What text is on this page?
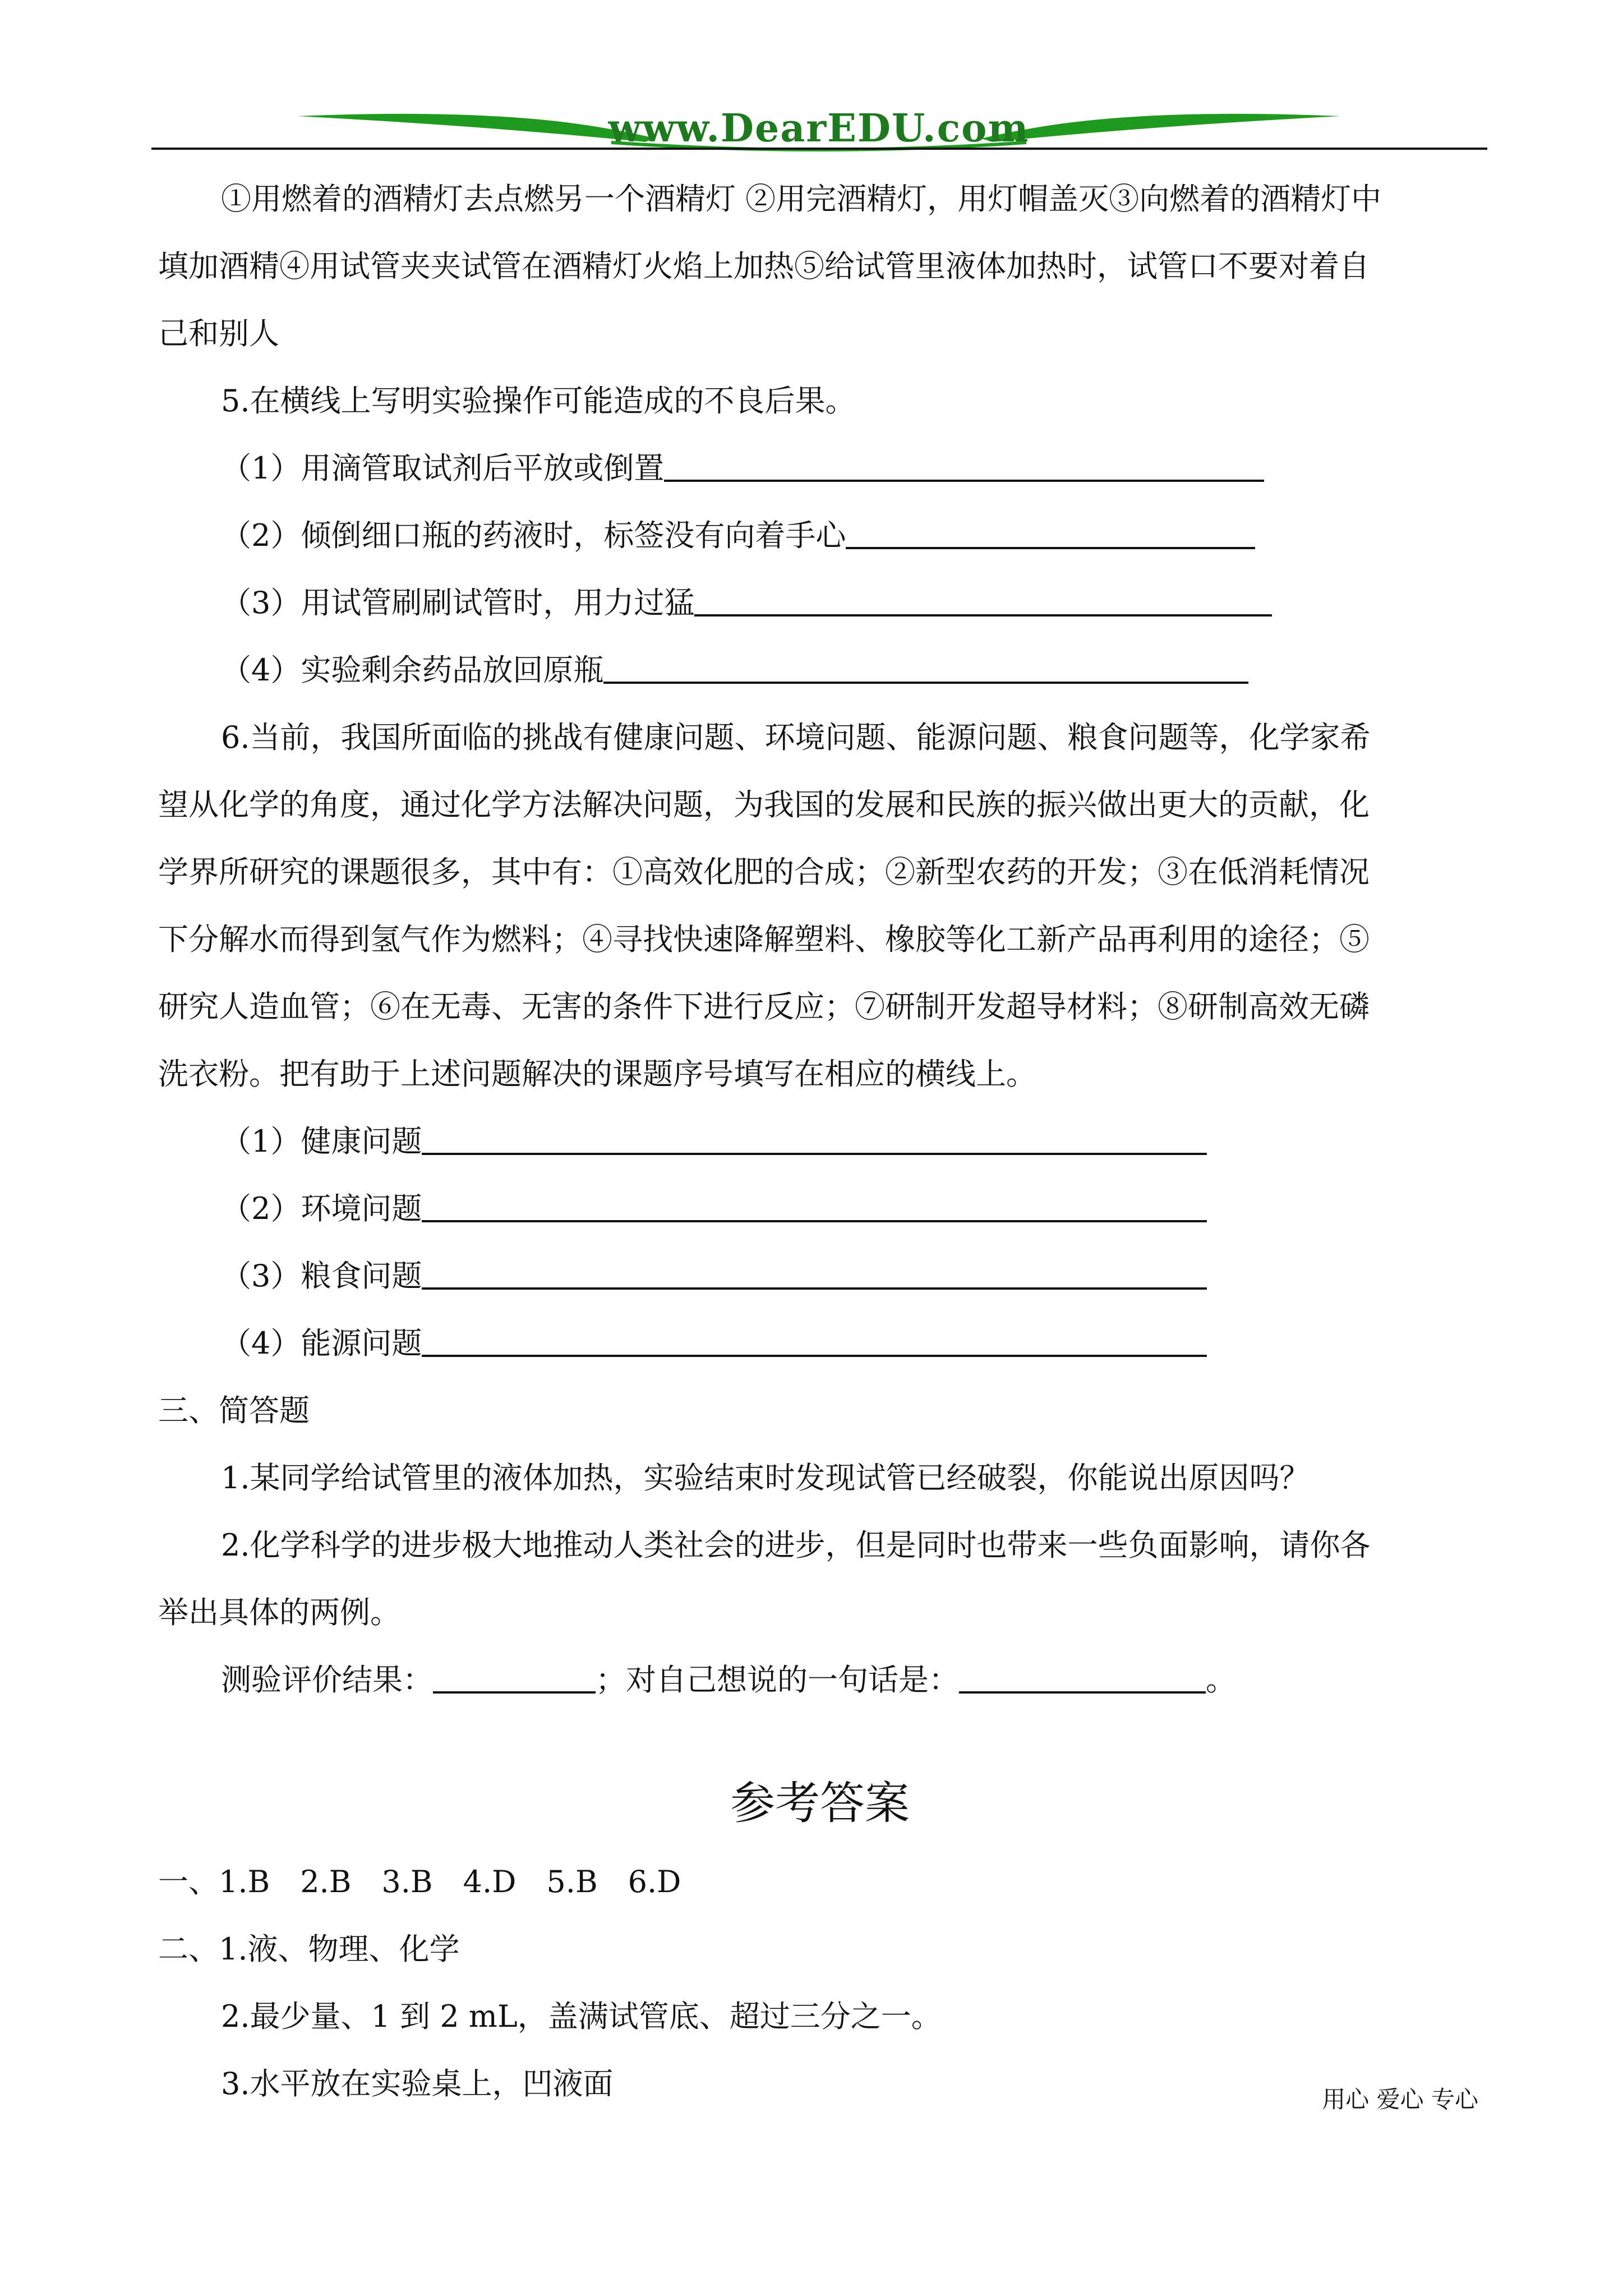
www.DearEDU.com

①用燃着的酒精灯去点燃另一个酒精灯 ②用完酒精灯，用灯帽盖灭③向燃着的酒精灯中

填加酒精④用试管夹夹试管在酒精灯火焰上加热⑤给试管里液体加热时，试管口不要对着自

己和别人

5.在横线上写明实验操作可能造成的不良后果。

（1）用滴管取试剂后平放或倒置

（2）倾倒细口瓶的药液时，标签没有向着手心

（3）用试管刷刷试管时，用力过猛

（4）实验剩余药品放回原瓶

6.当前，我国所面临的挑战有健康问题、环境问题、能源问题、粮食问题等，化学家希

望从化学的角度，通过化学方法解决问题，为我国的发展和民族的振兴做出更大的贡献，化

学界所研究的课题很多，其中有：①高效化肥的合成；②新型农药的开发；③在低消耗情况

下分解水而得到氢气作为燃料；④寻找快速降解塑料、橡胶等化工新产品再利用的途径；⑤

研究人造血管；⑥在无毒、无害的条件下进行反应；⑦研制开发超导材料；⑧研制高效无磷

洗衣粉。把有助于上述问题解决的课题序号填写在相应的横线上。

（1）健康问题

（2）环境问题

（3）粮食问题

（4）能源问题

三、简答题

1.某同学给试管里的液体加热，实验结束时发现试管已经破裂，你能说出原因吗？

2.化学科学的进步极大地推动人类社会的进步，但是同时也带来一些负面影响，请你各

举出具体的两例。

测验评价结果：	；对自己想说的一句话是：	。

参考答案

一、1.B　2.B　3.B　4.D　5.B　6.D

二、1.液、物理、化学

2.最少量、1 到 2 mL，盖满试管底、超过三分之一。

3.水平放在实验桌上，凹液面	用心 爱心 专心
